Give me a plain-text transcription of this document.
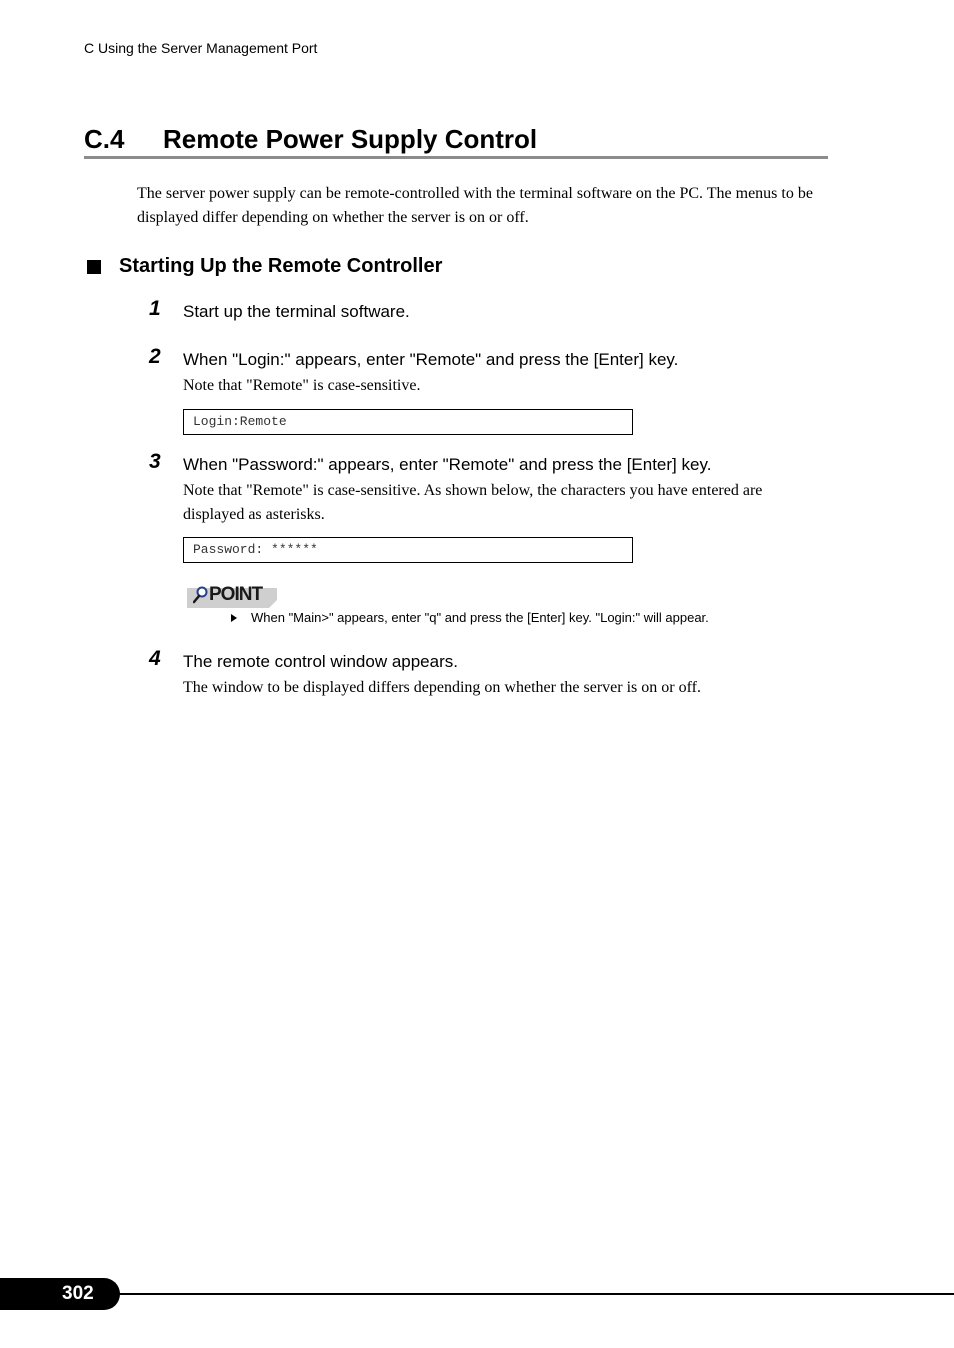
C Using the Server Management Port
C.4 Remote Power Supply Control
The server power supply can be remote-controlled with the terminal software on the PC. The menus to be displayed differ depending on whether the server is on or off.
Starting Up the Remote Controller
1 Start up the terminal software.
2 When "Login:" appears, enter "Remote" and press the [Enter] key.
Note that "Remote" is case-sensitive.
Login:Remote
3 When "Password:" appears, enter "Remote" and press the [Enter] key.
Note that "Remote" is case-sensitive. As shown below, the characters you have entered are displayed as asterisks.
Password: ******
POINT
When "Main>" appears, enter "q" and press the [Enter] key. "Login:" will appear.
4 The remote control window appears.
The window to be displayed differs depending on whether the server is on or off.
302
